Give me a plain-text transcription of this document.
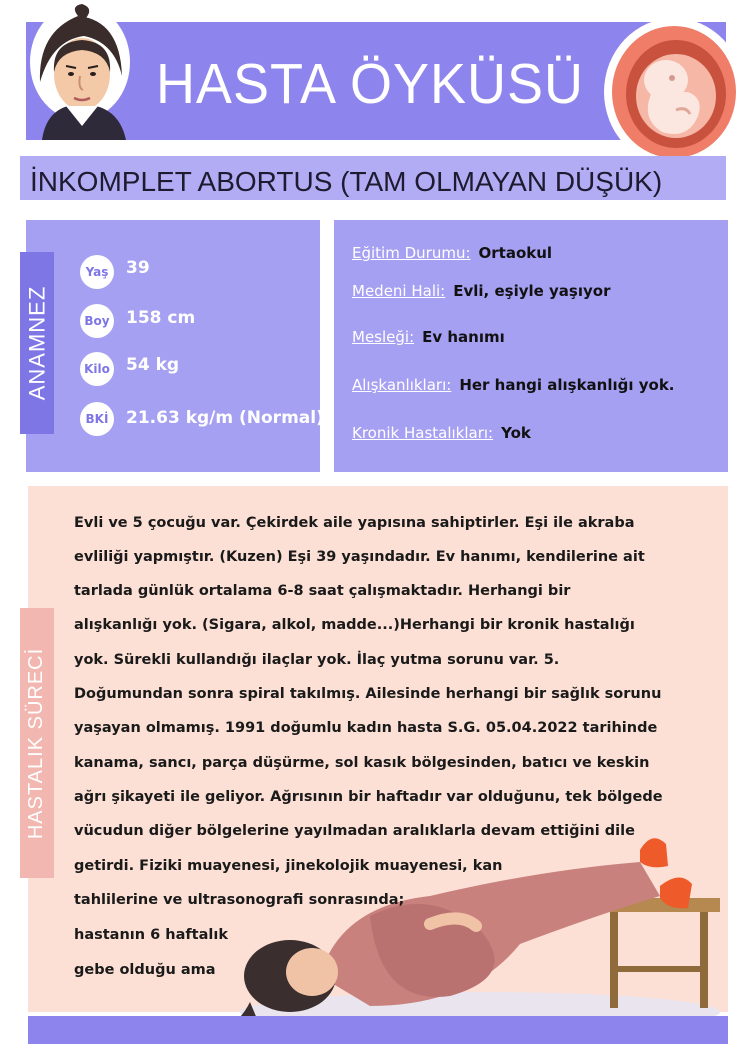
HASTA ÖYKÜSÜ
İNKOMPLET ABORTUS (TAM OLMAYAN DÜŞÜK)
ANAMNEZ
Yaş	39
Boy 158 cm
Kilo 54 kg
BKİ	21.63 kg/m (Normal)
Eğitim Durumu: Ortaokul
Medeni Hali: Evli, eşiyle yaşıyor
Mesleği: Ev hanımı
Alışkanlıkları: Her hangi alışkanlığı yok.
Kronik Hastalıkları: Yok
HASTALIK SÜRECİ
Evli ve 5 çocuğu var. Çekirdek aile yapısına sahiptirler. Eşi ile akraba
evliliği yapmıştır. (Kuzen) Eşi 39 yaşındadır. Ev hanımı, kendilerine ait
tarlada günlük ortalama 6-8 saat çalışmaktadır. Herhangi bir
alışkanlığı yok. (Sigara, alkol, madde...)Herhangi bir kronik hastalığı
yok. Sürekli kullandığı ilaçlar yok. İlaç yutma sorunu var. 5.
Doğumundan sonra spiral takılmış. Ailesinde herhangi bir sağlık sorunu
yaşayan olmamış. 1991 doğumlu kadın hasta S.G. 05.04.2022 tarihinde
kanama, sancı, parça düşürme, sol kasık bölgesinden, batıcı ve keskin
ağrı şikayeti ile geliyor. Ağrısının bir haftadır var olduğunu, tek bölgede
vücudun diğer bölgelerine yayılmadan aralıklarla devam ettiğini dile
getirdi. Fiziki muayenesi, jinekolojik muayenesi, kan
tahlilerine ve ultrasonografi sonrasında;
hastanın 6 haftalık
gebe olduğu ama
